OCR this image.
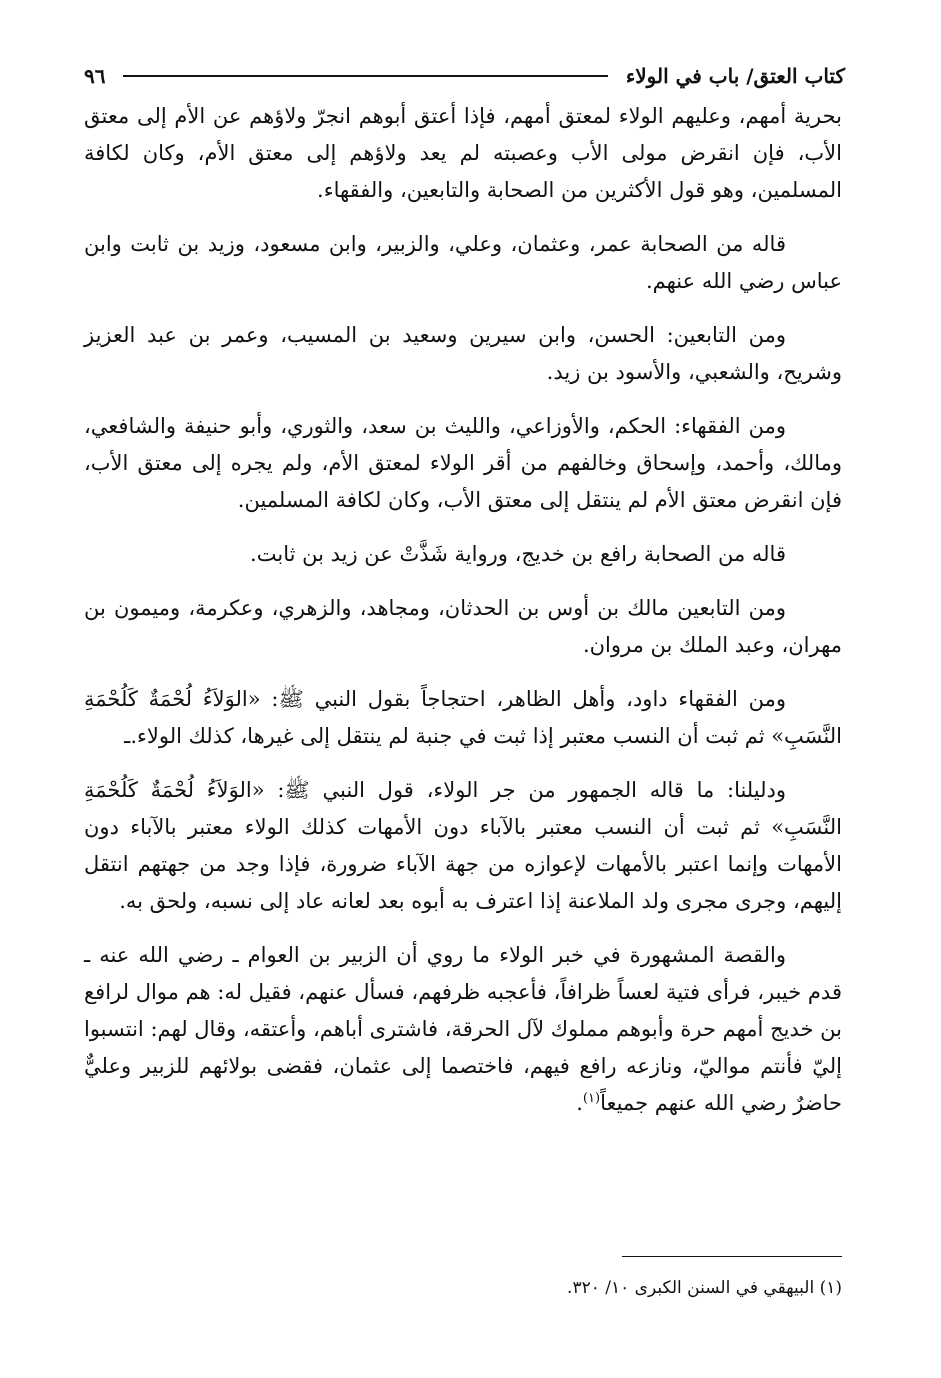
كتاب العتق/ باب في الولاء
٩٦

بحرية أمهم، وعليهم الولاء لمعتق أمهم، فإذا أعتق أبوهم انجرّ ولاؤهم عن الأم إلى معتق الأب، فإن انقرض مولى الأب وعصبته لم يعد ولاؤهم إلى معتق الأم، وكان لكافة المسلمين، وهو قول الأكثرين من الصحابة والتابعين، والفقهاء.

قاله من الصحابة عمر، وعثمان، وعلي، والزبير، وابن مسعود، وزيد بن ثابت وابن عباس رضي الله عنهم.

ومن التابعين: الحسن، وابن سيرين وسعيد بن المسيب، وعمر بن عبد العزيز وشريح، والشعبي، والأسود بن زيد.

ومن الفقهاء: الحكم، والأوزاعي، والليث بن سعد، والثوري، وأبو حنيفة والشافعي، ومالك، وأحمد، وإسحاق وخالفهم من أقر الولاء لمعتق الأم، ولم يجره إلى معتق الأب، فإن انقرض معتق الأم لم ينتقل إلى معتق الأب، وكان لكافة المسلمين.

قاله من الصحابة رافع بن خديج، ورواية شَذَّتْ عن زيد بن ثابت.

ومن التابعين مالك بن أوس بن الحدثان، ومجاهد، والزهري، وعكرمة، وميمون بن مهران، وعبد الملك بن مروان.

ومن الفقهاء داود، وأهل الظاهر، احتجاجاً بقول النبي ﷺ: «الوَلاَءُ لُحْمَةٌ كَلُحْمَةِ النَّسَبِ» ثم ثبت أن النسب معتبر إذا ثبت في جنبة لم ينتقل إلى غيرها، كذلك الولاء.ـ

ودليلنا: ما قاله الجمهور من جر الولاء، قول النبي ﷺ: «الوَلاَءُ لُحْمَةٌ كَلُحْمَةِ النَّسَبِ» ثم ثبت أن النسب معتبر بالآباء دون الأمهات كذلك الولاء معتبر بالآباء دون الأمهات وإنما اعتبر بالأمهات لإعوازه من جهة الآباء ضرورة، فإذا وجد من جهتهم انتقل إليهم، وجرى مجرى ولد الملاعنة إذا اعترف به أبوه بعد لعانه عاد إلى نسبه، ولحق به.

والقصة المشهورة في خبر الولاء ما روي أن الزبير بن العوام ـ رضي الله عنه ـ قدم خيبر، فرأى فتية لعساً ظرافاً، فأعجبه ظرفهم، فسأل عنهم، فقيل له: هم موال لرافع بن خديج أمهم حرة وأبوهم مملوك لآل الحرقة، فاشترى أباهم، وأعتقه، وقال لهم: انتسبوا إليّ فأنتم مواليّ، ونازعه رافع فيهم، فاختصما إلى عثمان، فقضى بولائهم للزبير وعليٌّ حاضرٌ رضي الله عنهم جميعاً$^{(١)}$.

(١) البيهقي في السنن الكبرى ١٠/ ٣٢٠.
